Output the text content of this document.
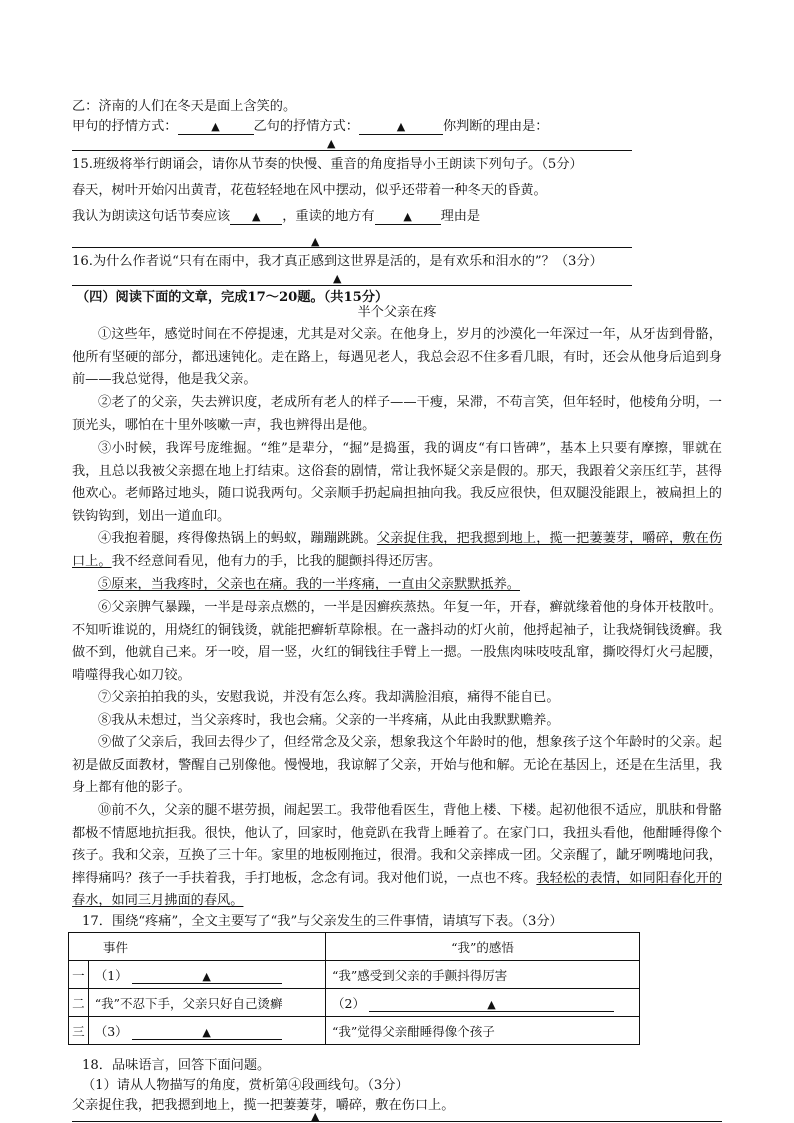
乙：济南的人们在冬天是面上含笑的。
甲句的抒情方式：	▲	乙句的抒情方式：	▲	你判断的理由是：
▲
15.班级将举行朗诵会，请你从节奏的快慢、重音的角度指导小王朗读下列句子。（5分）
春天，树叶开始闪出黄青，花苞轻轻地在风中摆动，似乎还带着一种冬天的昏黄。
我认为朗读这句话节奏应该 ▲ ，重读的地方有	▲ 理由是
▲
16.为什么作者说“只有在雨中，我才真正感到这世界是活的，是有欢乐和泪水的”？（3分）
▲
（四）阅读下面的文章，完成17～20题。（共15分）
半个父亲在疼
①这些年，感觉时间在不停提速，尤其是对父亲。在他身上，岁月的沙漠化一年深过一年，从牙齿到骨骼，他所有坚硬的部分，都迅速钝化。走在路上，每遇见老人，我总会忍不住多看几眼，有时，还会从他身后追到身前——我总觉得，他是我父亲。
②老了的父亲，失去辨识度，老成所有老人的样子——干瘦，呆滞，不苟言笑，但年轻时，他棱角分明，一顶光头，哪怕在十里外咳嗽一声，我也辨得出是他。
③小时候，我诨号庞维掘。“维”是辈分，“掘”是捣蛋，我的调皮“有口皆碑”，基本上只要有摩擦，罪就在我，且总以我被父亲摁在地上打结束。这俗套的剧情，常让我怀疑父亲是假的。那天，我跟着父亲压红芋，甚得他欢心。老师路过地头，随口说我两句。父亲顺手扔起扁担抽向我。我反应很快，但双腿没能跟上，被扁担上的铁钩钩到，划出一道血印。
④我抱着腿，疼得像热锅上的蚂蚁，蹦蹦跳跳。父亲捉住我，把我摁到地上，揽一把萋萋芽，嚼碎，敷在伤口上。我不经意间看见，他有力的手，比我的腿颤抖得还厉害。
⑤原来，当我疼时，父亲也在痛。我的一半疼痛，一直由父亲默默抵养。
⑥父亲脾气暴躁，一半是母亲点燃的，一半是因癣疾蒸热。年复一年，开春，癣就缘着他的身体开枝散叶。不知听谁说的，用烧红的铜钱烫，就能把癣斩草除根。在一盏抖动的灯火前，他捋起袖子，让我烧铜钱烫癣。我做不到，他就自己来。牙一咬，眉一竖，火红的铜钱往手臂上一摁。一股焦肉味吱吱乱窜，撕咬得灯火弓起腰，啃噬得我心如刀铰。
⑦父亲拍拍我的头，安慰我说，并没有怎么疼。我却满脸泪痕，痛得不能自已。
⑧我从未想过，当父亲疼时，我也会痛。父亲的一半疼痛，从此由我默默赡养。
⑨做了父亲后，我回去得少了，但经常念及父亲，想象我这个年龄时的他，想象孩子这个年龄时的父亲。起初是做反面教材，警醒自己别像他。慢慢地，我谅解了父亲，开始与他和解。无论在基因上，还是在生活里，我身上都有他的影子。
⑩前不久，父亲的腿不堪劳损，闹起罢工。我带他看医生，背他上楼、下楼。起初他很不适应，肌肤和骨骼都极不情愿地抗拒我。很快，他认了，回家时，他竟趴在我背上睡着了。在家门口，我扭头看他，他酣睡得像个孩子。我和父亲，互换了三十年。家里的地板刚拖过，很滑。我和父亲摔成一团。父亲醒了，龇牙咧嘴地问我，摔得痛吗？孩子一手扶着我，手打地板，念念有词。我对他们说，一点也不疼。我轻松的表情，如同阳春化开的春水，如同三月拂面的春风。
17．围绕“疼痛”，全文主要写了“我”与父亲发生的三件事情，请填写下表。（3分）
事件		“我”的感悟
一	（1） ▲	“我”感受到父亲的手颤抖得厉害
二	“我”不忍下手，父亲只好自己烫癣	（2） ▲
三	（3） ▲	“我”觉得父亲酣睡得像个孩子
18．品味语言，回答下面问题。
（1）请从人物描写的角度，赏析第④段画线句。（3分）
父亲捉住我，把我摁到地上，揽一把萋萋芽，嚼碎，敷在伤口上。
▲
